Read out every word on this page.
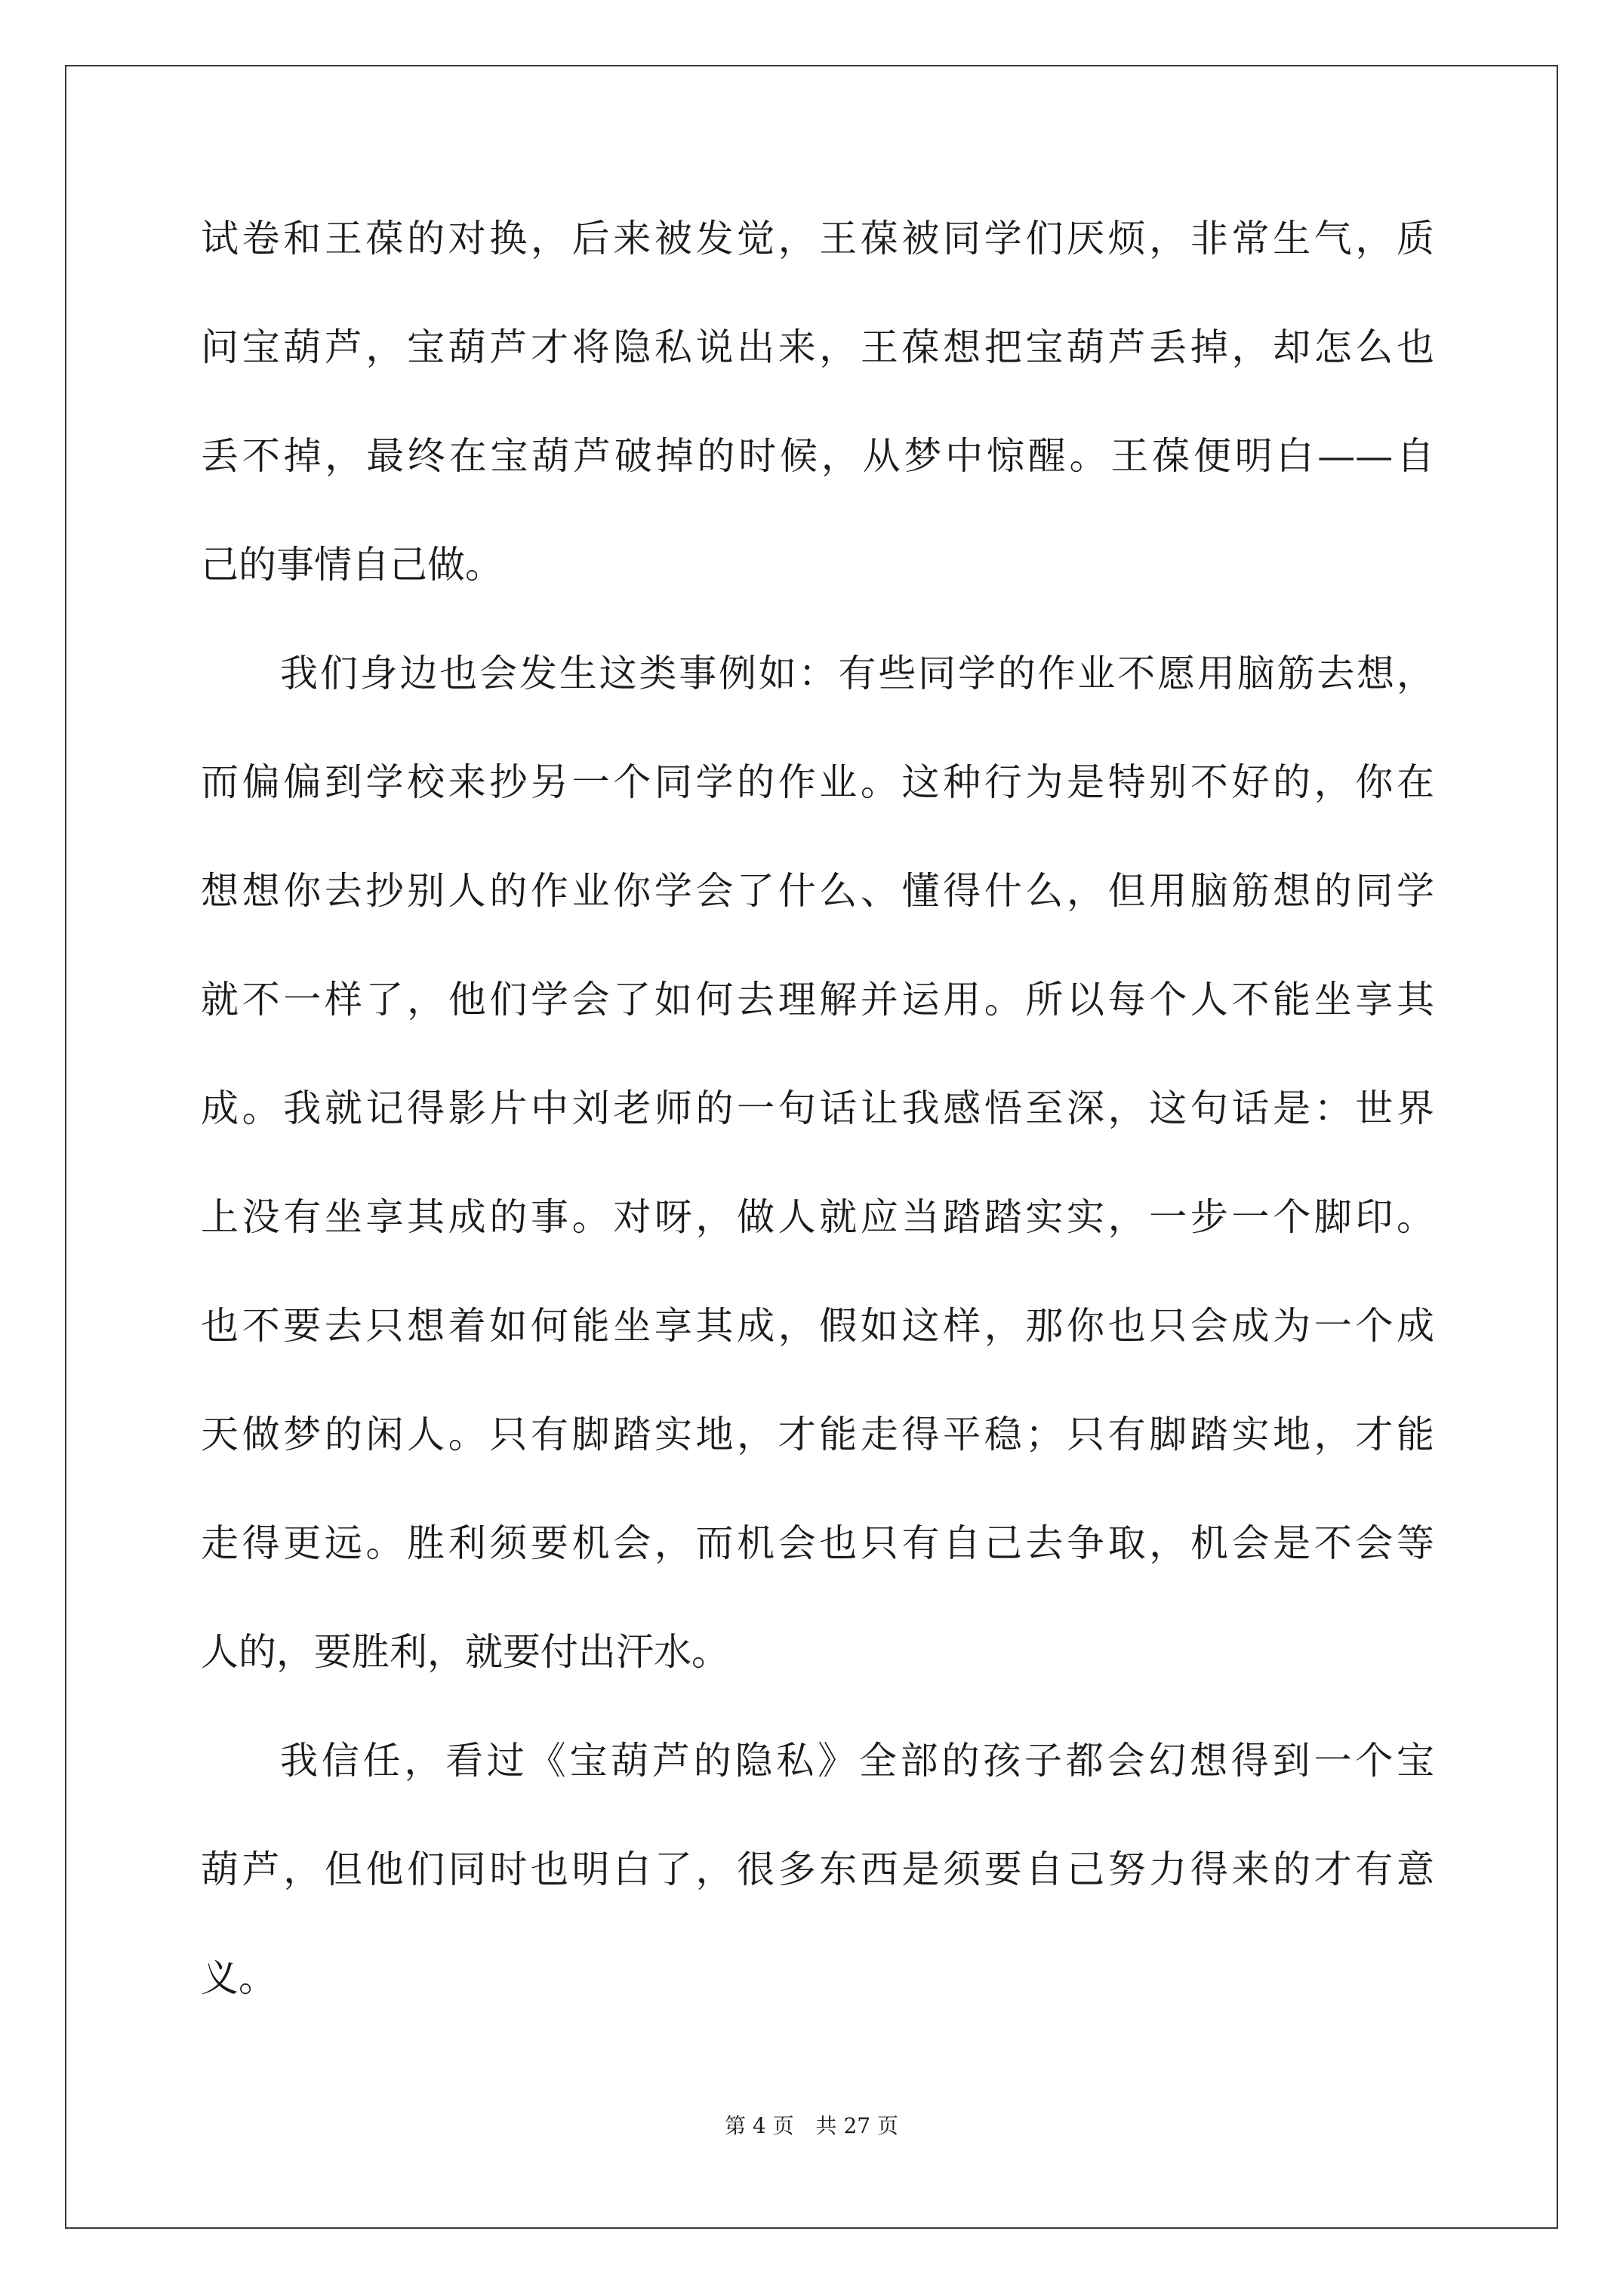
试卷和王葆的对换，后来被发觉，王葆被同学们厌烦，非常生气，质
问宝葫芦，宝葫芦才将隐私说出来，王葆想把宝葫芦丢掉，却怎么也
丢不掉，最终在宝葫芦破掉的时候，从梦中惊醒。王葆便明白——自
己的事情自己做。
我们身边也会发生这类事例如：有些同学的作业不愿用脑筋去想，
而偏偏到学校来抄另一个同学的作业。这种行为是特别不好的，你在
想想你去抄别人的作业你学会了什么、懂得什么，但用脑筋想的同学
就不一样了，他们学会了如何去理解并运用。所以每个人不能坐享其
成。我就记得影片中刘老师的一句话让我感悟至深，这句话是：世界
上没有坐享其成的事。对呀，做人就应当踏踏实实，一步一个脚印。
也不要去只想着如何能坐享其成，假如这样，那你也只会成为一个成
天做梦的闲人。只有脚踏实地，才能走得平稳；只有脚踏实地，才能
走得更远。胜利须要机会，而机会也只有自己去争取，机会是不会等
人的，要胜利，就要付出汗水。
我信任，看过《宝葫芦的隐私》全部的孩子都会幻想得到一个宝
葫芦，但他们同时也明白了，很多东西是须要自己努力得来的才有意
义。
第 4 页 共 27 页
